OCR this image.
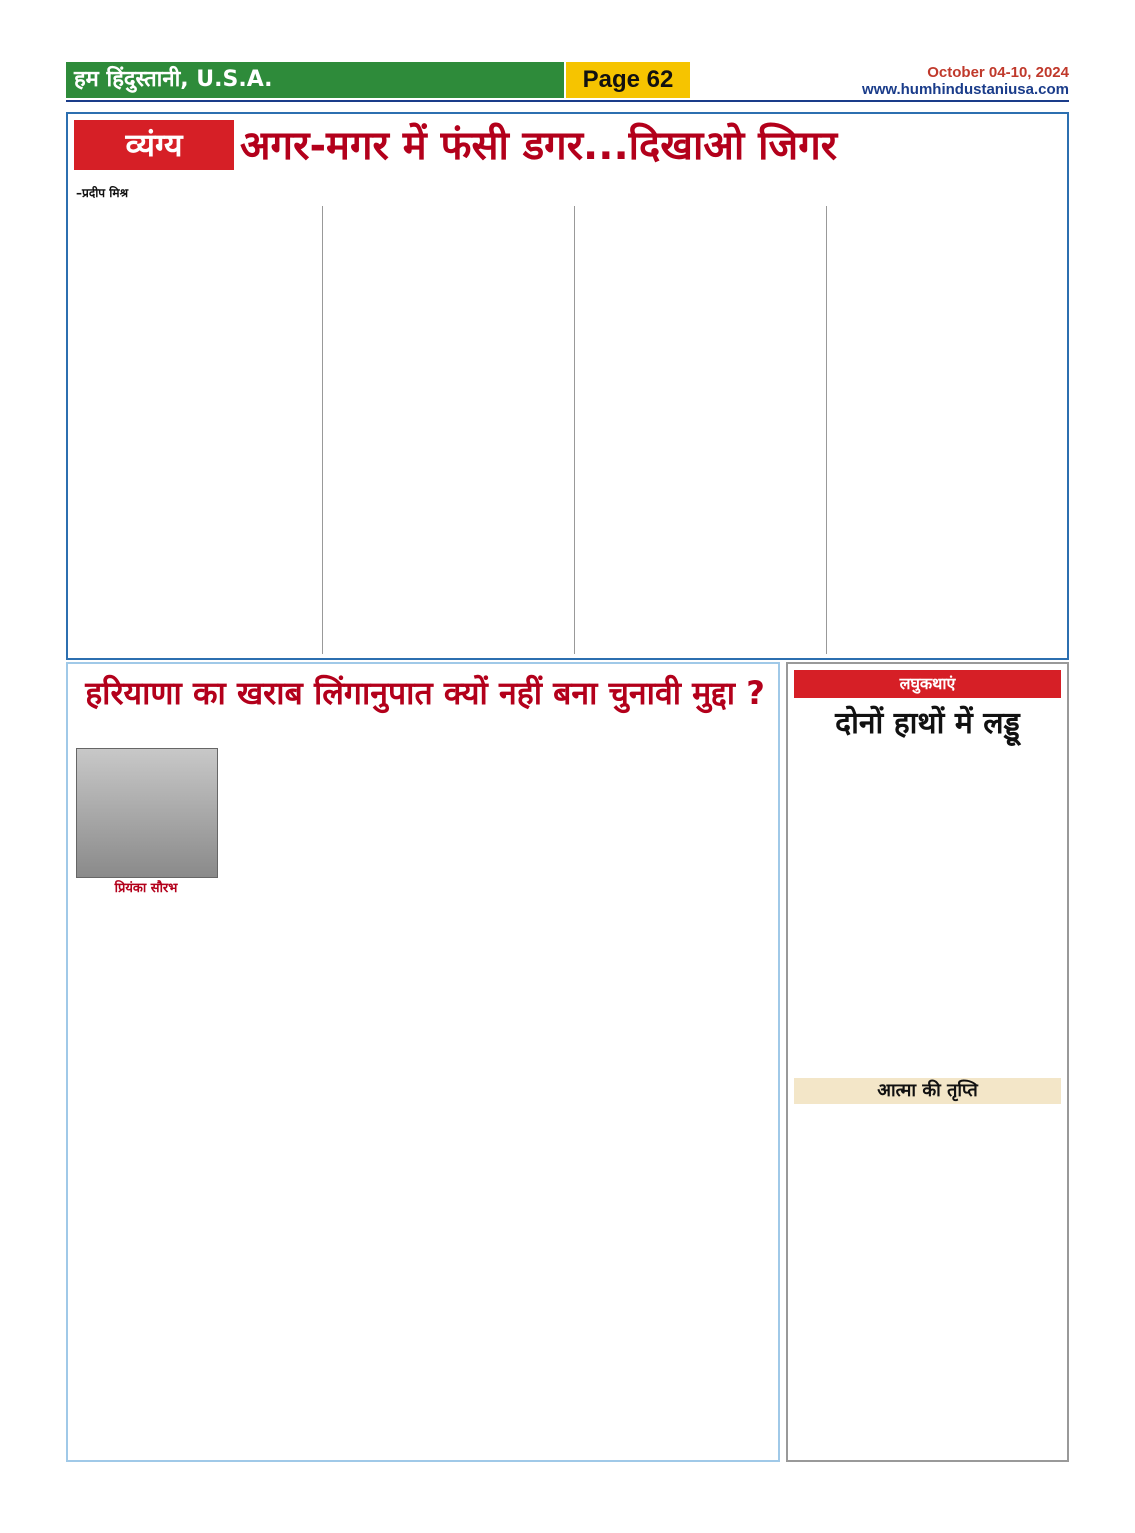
हम हिंदुस्तानी, U.S.A.	Page 62	October 04-10, 2024
www.humhindustaniusa.com
व्यंग्य	अगर-मगर में फंसी डगर...दिखाओ जिगर
–प्रदीप मिश्र
हरियाणा का खराब लिंगानुपात क्यों नहीं बना चुनावी मुद्दा ?
प्रियंका सौरभ
लघुकथाएं
दोनों हाथों में लड्डू
आत्मा की तृप्ति
